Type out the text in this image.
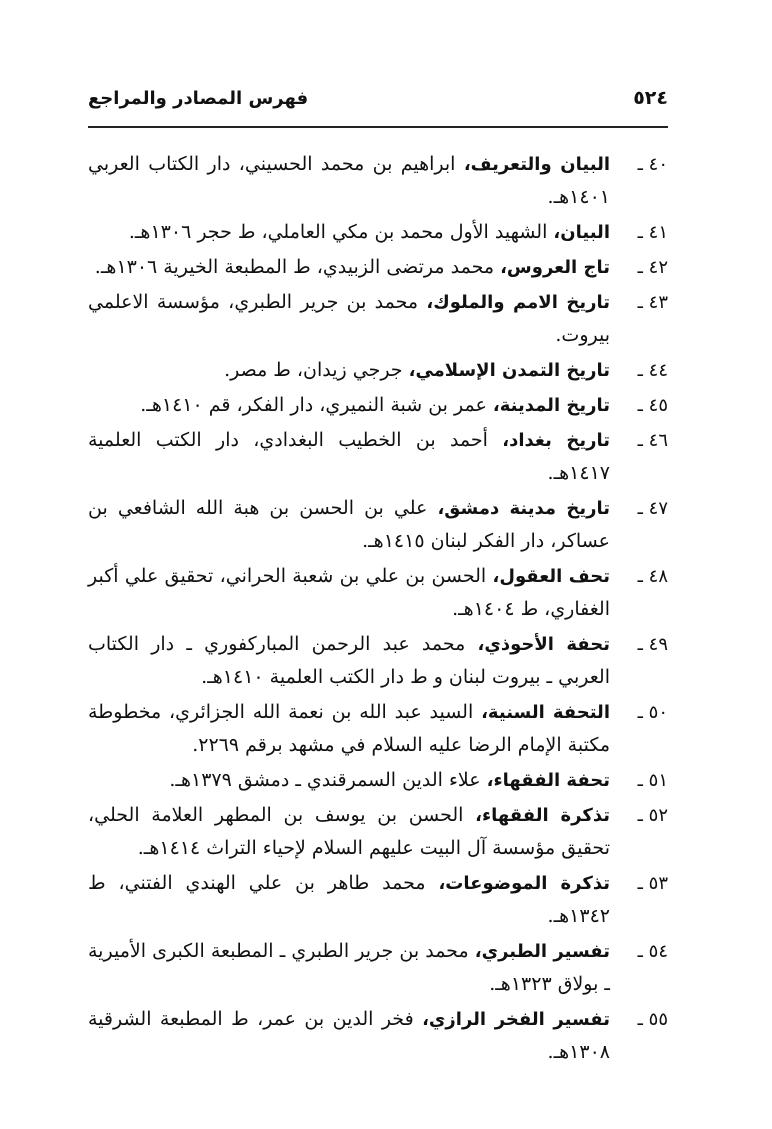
٥٢٤
فهرس المصادر والمراجع
٤٠ ـ
البيان والتعريف، ابراهيم بن محمد الحسيني، دار الكتاب العربي ١٤٠١هـ.
٤١ ـ
البيان، الشهيد الأول محمد بن مكي العاملي، ط حجر ١٣٠٦هـ.
٤٢ ـ
تاج العروس، محمد مرتضى الزبيدي، ط المطبعة الخيرية ١٣٠٦هـ.
٤٣ ـ
تاريخ الامم والملوك، محمد بن جرير الطبري، مؤسسة الاعلمي بيروت.
٤٤ ـ
تاريخ التمدن الإسلامي، جرجي زيدان، ط مصر.
٤٥ ـ
تاريخ المدينة، عمر بن شبة النميري، دار الفكر، قم ١٤١٠هـ.
٤٦ ـ
تاريخ بغداد، أحمد بن الخطيب البغدادي، دار الكتب العلمية ١٤١٧هـ.
٤٧ ـ
تاريخ مدينة دمشق، علي بن الحسن بن هبة الله الشافعي بن عساكر، دار الفكر لبنان ١٤١٥هـ.
٤٨ ـ
تحف العقول، الحسن بن علي بن شعبة الحراني، تحقيق علي أكبر الغفاري، ط ١٤٠٤هـ.
٤٩ ـ
تحفة الأحوذي، محمد عبد الرحمن المباركفوري ـ دار الكتاب العربي ـ بيروت لبنان و ط دار الكتب العلمية ١٤١٠هـ.
٥٠ ـ
التحفة السنية، السيد عبد الله بن نعمة الله الجزائري، مخطوطة مكتبة الإمام الرضا عليه السلام في مشهد برقم ٢٢٦٩.
٥١ ـ
تحفة الفقهاء، علاء الدين السمرقندي ـ دمشق ١٣٧٩هـ.
٥٢ ـ
تذكرة الفقهاء، الحسن بن يوسف بن المطهر العلامة الحلي، تحقيق مؤسسة آل البيت عليهم السلام لإحياء التراث ١٤١٤هـ.
٥٣ ـ
تذكرة الموضوعات، محمد طاهر بن علي الهندي الفتني، ط ١٣٤٢هـ.
٥٤ ـ
تفسير الطبري، محمد بن جرير الطبري ـ المطبعة الكبرى الأميرية ـ بولاق ١٣٢٣هـ.
٥٥ ـ
تفسير الفخر الرازي، فخر الدين بن عمر، ط المطبعة الشرقية ١٣٠٨هـ.
